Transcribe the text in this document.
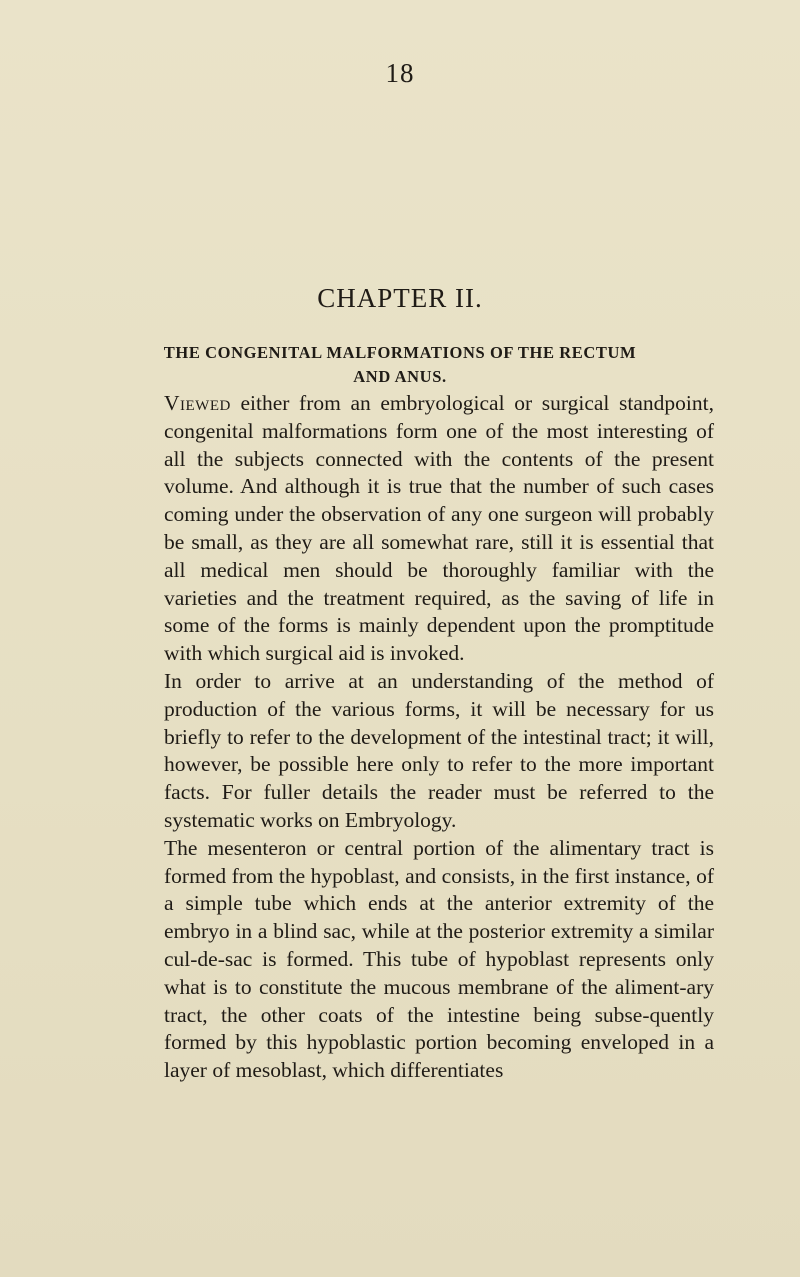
18
CHAPTER II.
THE CONGENITAL MALFORMATIONS OF THE RECTUM AND ANUS.

Viewed either from an embryological or surgical standpoint, congenital malformations form one of the most interesting of all the subjects connected with the contents of the present volume. And although it is true that the number of such cases coming under the observation of any one surgeon will probably be small, as they are all somewhat rare, still it is essential that all medical men should be thoroughly familiar with the varieties and the treatment required, as the saving of life in some of the forms is mainly dependent upon the promptitude with which surgical aid is invoked.

In order to arrive at an understanding of the method of production of the various forms, it will be necessary for us briefly to refer to the development of the intestinal tract; it will, however, be possible here only to refer to the more important facts. For fuller details the reader must be referred to the systematic works on Embryology.

The mesenteron or central portion of the alimentary tract is formed from the hypoblast, and consists, in the first instance, of a simple tube which ends at the anterior extremity of the embryo in a blind sac, while at the posterior extremity a similar cul-de-sac is formed. This tube of hypoblast represents only what is to constitute the mucous membrane of the aliment-ary tract, the other coats of the intestine being subse-quently formed by this hypoblastic portion becoming enveloped in a layer of mesoblast, which differentiates
